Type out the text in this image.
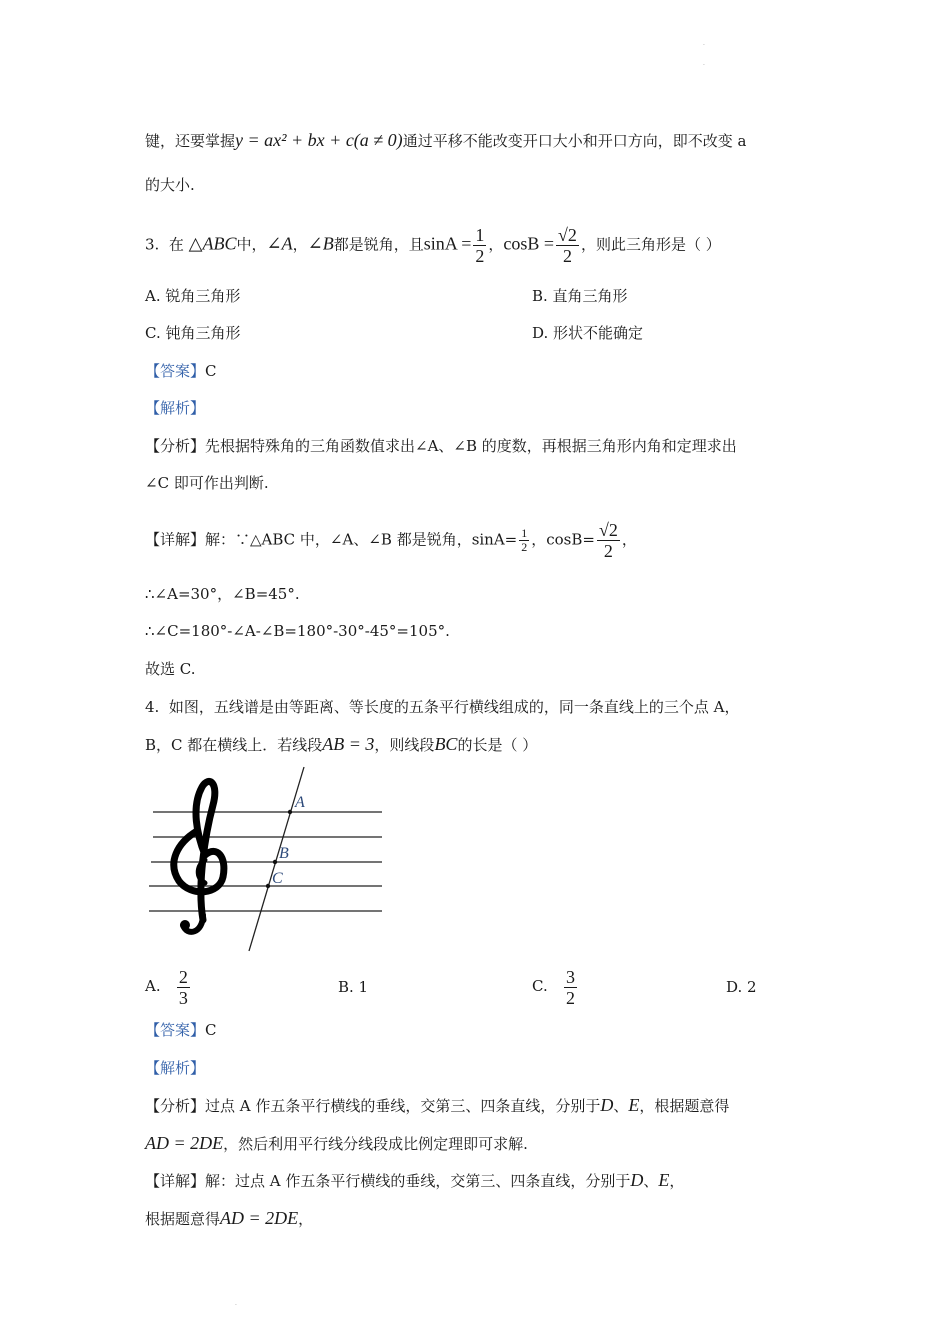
·
·
·
键，还要掌握y = ax² + bx + c(a ≠ 0)通过平移不能改变开口大小和开口方向，即不改变 a
的大小.
3. 在 △ABC中，∠A，∠B都是锐角，且$\sin A = \frac{1}{2}$ ，$\cos B = \frac{√2}{2}$ ，则此三角形是（ ）
A. 锐角三角形	B. 直角三角形
C. 钝角三角形	D. 形状不能确定
【答案】C
【解析】
【分析】先根据特殊角的三角函数值求出∠A、∠B 的度数，再根据三角形内角和定理求出
∠C 即可作出判断.
【详解】解：∵△ABC 中，∠A、∠B 都是锐角，$\sin A= \frac{1}{2}$ ，$\cos B= \frac{√2}{2}$ ，
∴∠A=30°，∠B=45°.
∴∠C=180°-∠A-∠B=180°-30°-45°=105°.
故选 C.
4. 如图，五线谱是由等距离、等长度的五条平行横线组成的，同一条直线上的三个点 A，
B，C 都在横线上．若线段AB = 3，则线段BC的长是（ ）
A
B
C
A. $\frac{2}{3}$	B. 1	C. $\frac{3}{2}$	D. 2
【答案】C
【解析】
【分析】过点 A 作五条平行横线的垂线，交第三、四条直线，分别于D、E，根据题意得
AD = 2DE，然后利用平行线分线段成比例定理即可求解.
【详解】解：过点 A 作五条平行横线的垂线，交第三、四条直线，分别于D、E，
根据题意得AD = 2DE，
